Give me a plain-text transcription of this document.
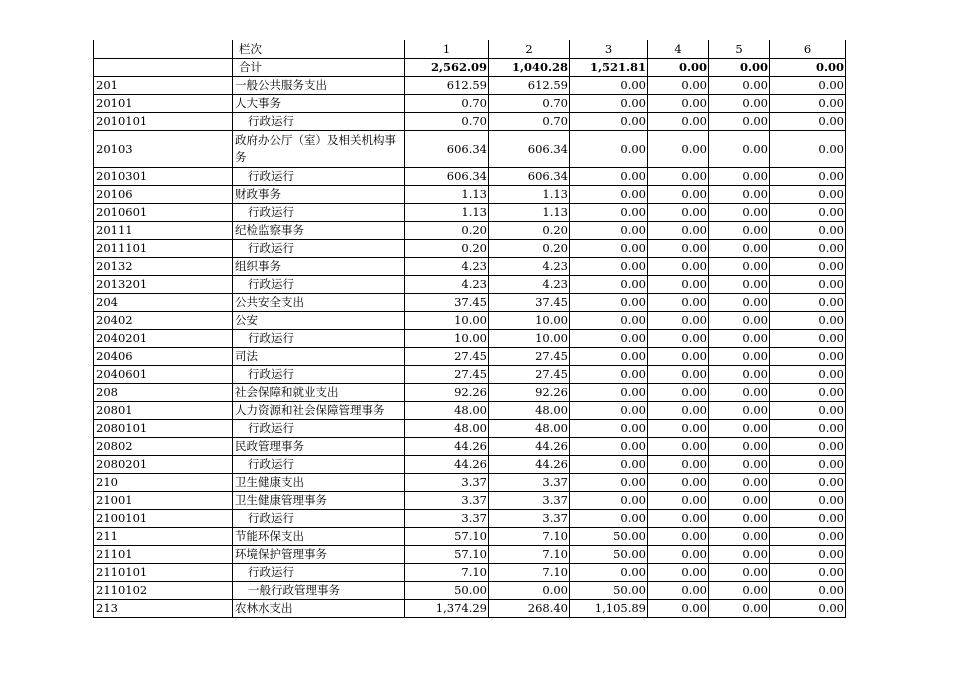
	栏次	1	2	3	4	5	6
	合计	2,562.09	1,040.28	1,521.81	0.00	0.00	0.00
201	一般公共服务支出	612.59	612.59	0.00	0.00	0.00	0.00
20101	人大事务	0.70	0.70	0.00	0.00	0.00	0.00
2010101	行政运行	0.70	0.70	0.00	0.00	0.00	0.00
20103	政府办公厅（室）及相关机构事务	606.34	606.34	0.00	0.00	0.00	0.00
2010301	行政运行	606.34	606.34	0.00	0.00	0.00	0.00
20106	财政事务	1.13	1.13	0.00	0.00	0.00	0.00
2010601	行政运行	1.13	1.13	0.00	0.00	0.00	0.00
20111	纪检监察事务	0.20	0.20	0.00	0.00	0.00	0.00
2011101	行政运行	0.20	0.20	0.00	0.00	0.00	0.00
20132	组织事务	4.23	4.23	0.00	0.00	0.00	0.00
2013201	行政运行	4.23	4.23	0.00	0.00	0.00	0.00
204	公共安全支出	37.45	37.45	0.00	0.00	0.00	0.00
20402	公安	10.00	10.00	0.00	0.00	0.00	0.00
2040201	行政运行	10.00	10.00	0.00	0.00	0.00	0.00
20406	司法	27.45	27.45	0.00	0.00	0.00	0.00
2040601	行政运行	27.45	27.45	0.00	0.00	0.00	0.00
208	社会保障和就业支出	92.26	92.26	0.00	0.00	0.00	0.00
20801	人力资源和社会保障管理事务	48.00	48.00	0.00	0.00	0.00	0.00
2080101	行政运行	48.00	48.00	0.00	0.00	0.00	0.00
20802	民政管理事务	44.26	44.26	0.00	0.00	0.00	0.00
2080201	行政运行	44.26	44.26	0.00	0.00	0.00	0.00
210	卫生健康支出	3.37	3.37	0.00	0.00	0.00	0.00
21001	卫生健康管理事务	3.37	3.37	0.00	0.00	0.00	0.00
2100101	行政运行	3.37	3.37	0.00	0.00	0.00	0.00
211	节能环保支出	57.10	7.10	50.00	0.00	0.00	0.00
21101	环境保护管理事务	57.10	7.10	50.00	0.00	0.00	0.00
2110101	行政运行	7.10	7.10	0.00	0.00	0.00	0.00
2110102	一般行政管理事务	50.00	0.00	50.00	0.00	0.00	0.00
213	农林水支出	1,374.29	268.40	1,105.89	0.00	0.00	0.00
